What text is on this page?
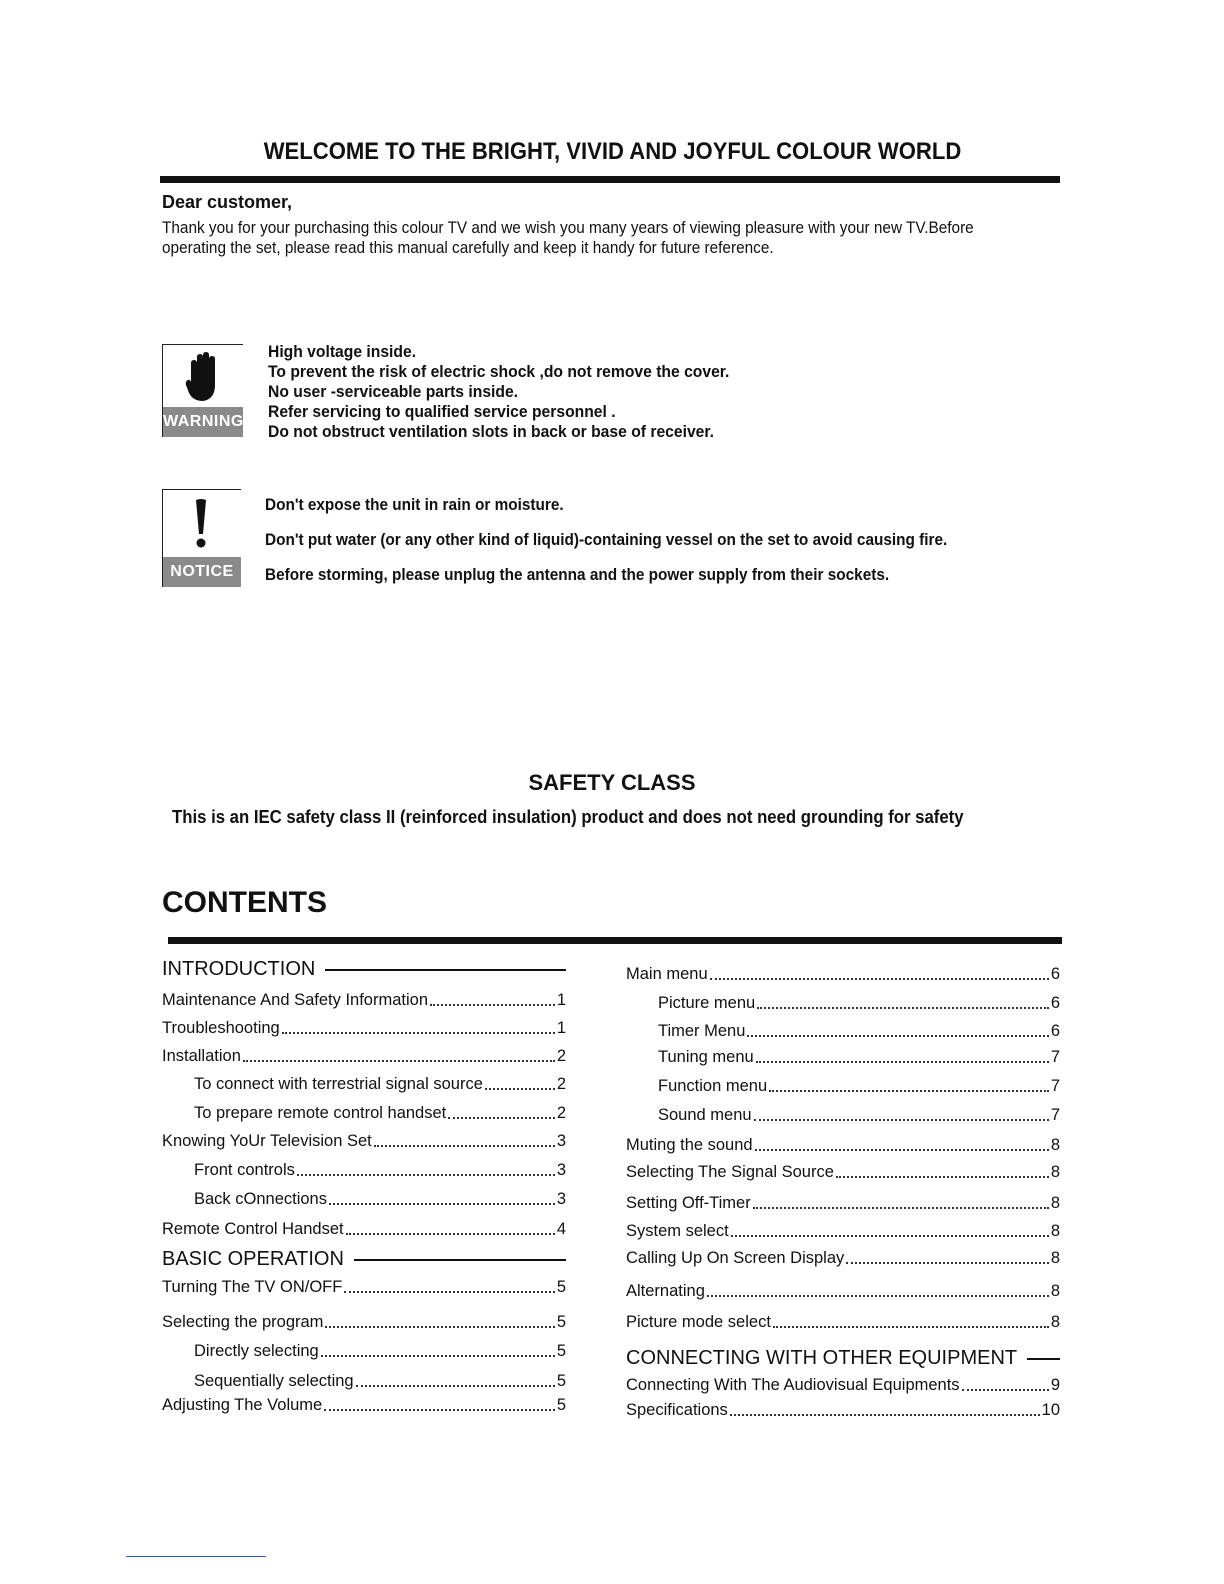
WELCOME TO THE BRIGHT, VIVID AND JOYFUL COLOUR WORLD
Dear customer,
Thank you for your purchasing this colour TV and we wish you many years of viewing pleasure with your new TV.Before operating the set, please read this manual carefully and keep it handy for future reference.
WARNING
High voltage inside.
To prevent the risk of electric shock ,do not remove the cover.
No user -serviceable parts inside.
Refer servicing to qualified service personnel .
Do not obstruct ventilation slots in back or base of receiver.
NOTICE
Don't expose the unit in rain or moisture.
Don't put water (or any other kind of liquid)-containing vessel on the set to avoid causing fire.
Before storming, please unplug the antenna and the power supply from their sockets.
SAFETY CLASS
This is an IEC safety class II (reinforced insulation) product and does not need grounding for safety
CONTENTS
INTRODUCTION
Maintenance And Safety Information	1
Troubleshooting	1
Installation	2
To connect with terrestrial signal source	2
To prepare remote control handset	2
Knowing YoUr Television Set	3
Front controls	3
Back cOnnections	3
Remote Control Handset	4
BASIC OPERATION
Turning The TV ON/OFF	5
Selecting the program	5
Directly selecting	5
Sequentially selecting	5
Adjusting The Volume	5
Main menu	6
Picture menu	6
Timer Menu	6
Tuning menu	7
Function menu	7
Sound menu	7
Muting the sound	8
Selecting The Signal Source	8
Setting Off-Timer	8
System select	8
Calling Up On Screen Display	8
Alternating	8
Picture mode select	8
CONNECTING WITH OTHER EQUIPMENT
Connecting With The Audiovisual Equipments	9
Specifications	10
